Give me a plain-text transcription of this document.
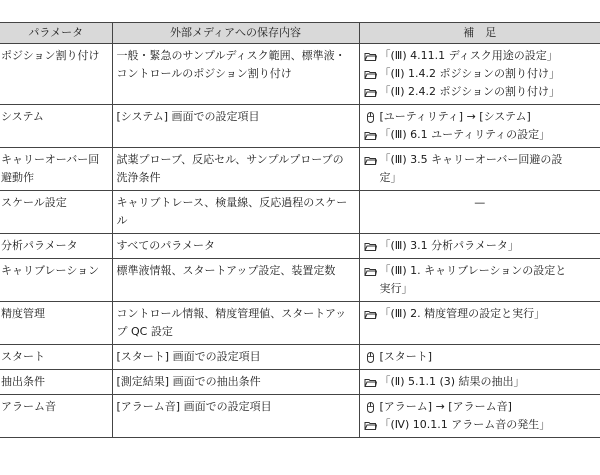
パラメータ	外部メディアへの保存内容	補　足
ポジション割り付け	一般・緊急のサンプルディスク範囲、標準液・コントロールのポジション割り付け	「(Ⅲ) 4.11.1 ディスク用途の設定」
「(Ⅱ) 1.4.2 ポジションの割り付け」
「(Ⅱ) 2.4.2 ポジションの割り付け」

システム	[システム] 画面での設定項目	[ユーティリティ] → [システム]
「(Ⅲ) 6.1 ユーティリティの設定」

キャリーオーバー回避動作	試薬プローブ、反応セル、サンプルプローブの洗浄条件	「(Ⅲ) 3.5 キャリーオーバー回避の設
定」

スケール設定	キャリブトレース、検量線、反応過程のスケール	—
分析パラメータ	すべてのパラメータ	「(Ⅲ) 3.1 分析パラメータ」

キャリブレーション	標準液情報、スタートアップ設定、装置定数	「(Ⅲ) 1. キャリブレーションの設定と
実行」

精度管理	コントロール情報、精度管理値、スタートアップ QC 設定	「(Ⅲ) 2. 精度管理の設定と実行」

スタート	[スタート] 画面での設定項目	[スタート]

抽出条件	[測定結果] 画面での抽出条件	「(Ⅱ) 5.1.1 (3) 結果の抽出」

アラーム音	[アラーム音] 画面での設定項目	[アラーム] → [アラーム音]
「(Ⅳ) 10.1.1 アラーム音の発生」
